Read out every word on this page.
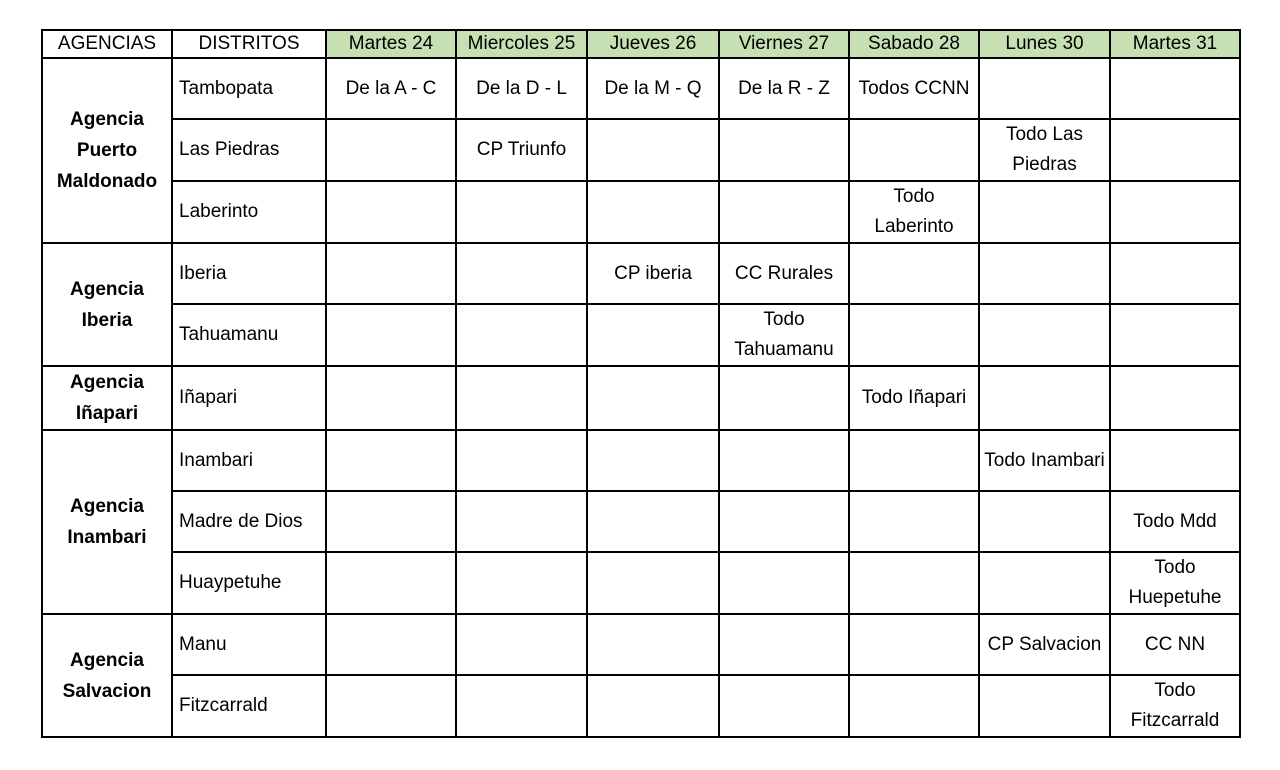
AGENCIAS	DISTRITOS	Martes 24	Miercoles 25	Jueves 26	Viernes 27	Sabado 28	Lunes 30	Martes 31
Agencia Puerto Maldonado	Tambopata	De la A - C	De la D - L	De la M - Q	De la R - Z	Todos CCNN		
	Las Piedras		CP Triunfo				Todo Las Piedras	
	Laberinto					Todo Laberinto		
Agencia Iberia	Iberia			CP iberia	CC Rurales			
	Tahuamanu				Todo Tahuamanu			
Agencia Iñapari	Iñapari					Todo Iñapari		
Agencia Inambari	Inambari						Todo Inambari	
	Madre de Dios							Todo Mdd
	Huaypetuhe							Todo Huepetuhe
Agencia Salvacion	Manu						CP Salvacion	CC NN
	Fitzcarrald							Todo Fitzcarrald
